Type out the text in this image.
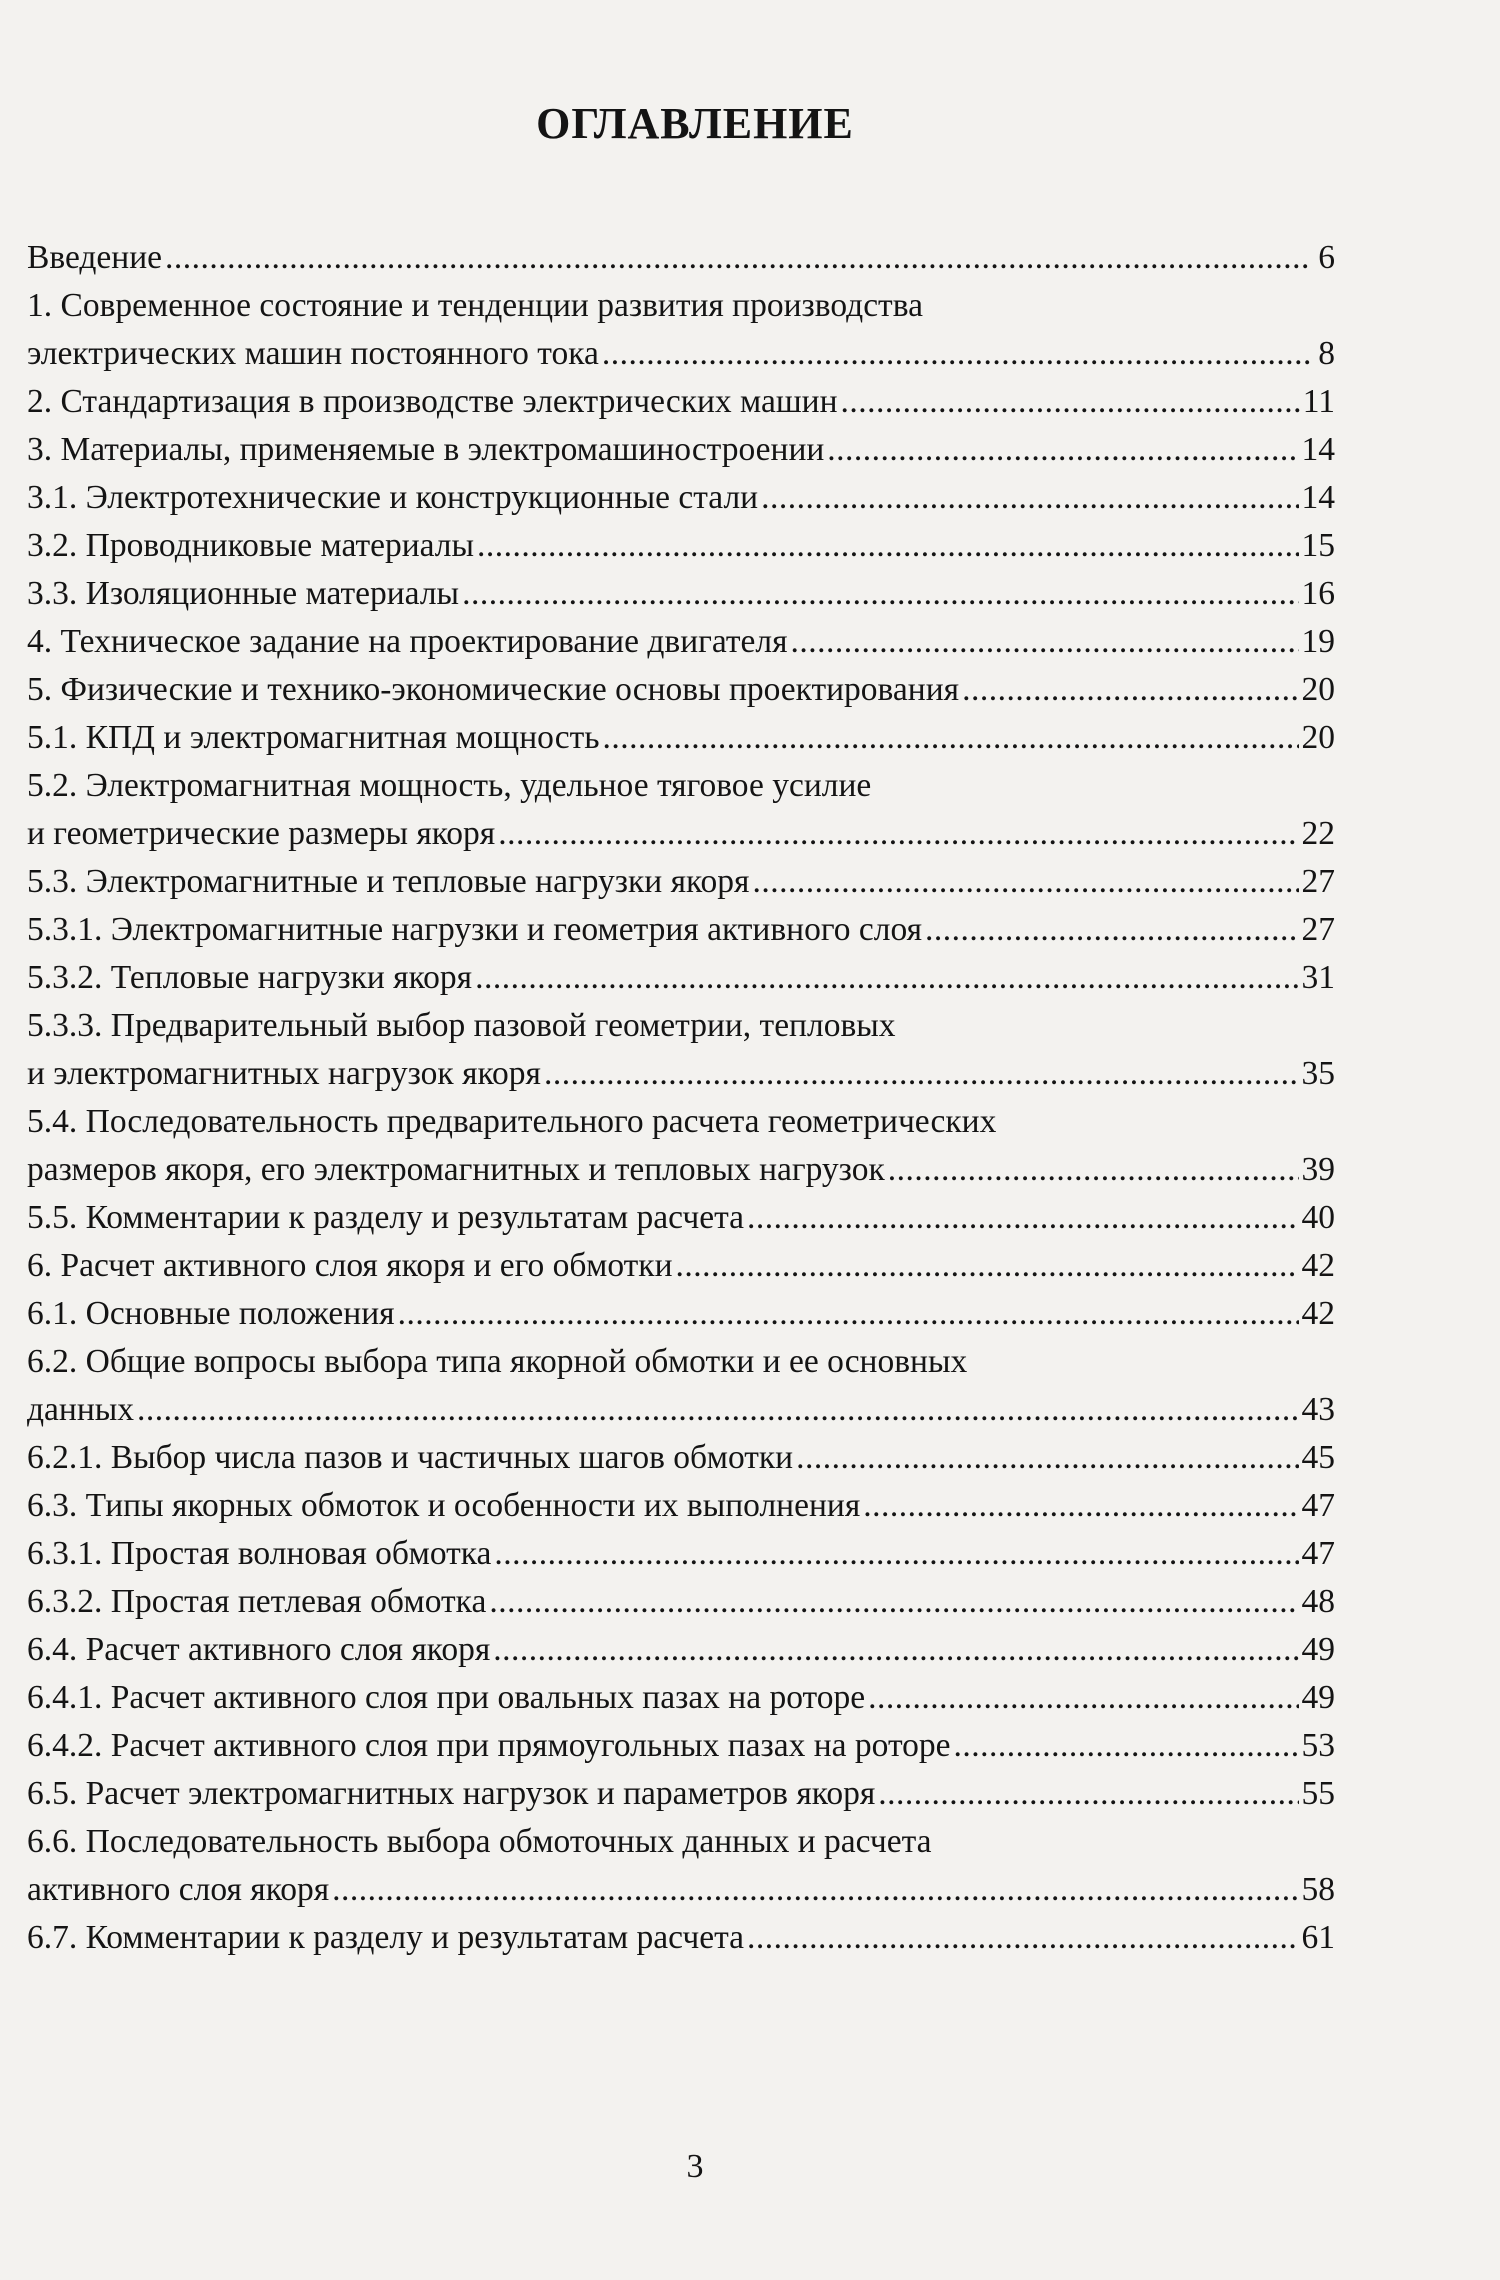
ОГЛАВЛЕНИЕ
Введение .....	6
1. Современное состояние и тенденции развития производства
электрических машин постоянного тока .....	8
2. Стандартизация в производстве электрических машин .....	11
3. Материалы, применяемые в электромашиностроении .....	14
3.1. Электротехнические и конструкционные стали .....	14
3.2. Проводниковые материалы .....	15
3.3. Изоляционные материалы .....	16
4. Техническое задание на проектирование двигателя .....	19
5. Физические и технико-экономические основы проектирования .....	20
5.1. КПД и электромагнитная мощность .....	20
5.2. Электромагнитная мощность, удельное тяговое усилие
и геометрические размеры якоря .....	22
5.3. Электромагнитные и тепловые нагрузки якоря .....	27
5.3.1. Электромагнитные нагрузки и геометрия активного слоя .....	27
5.3.2. Тепловые нагрузки якоря .....	31
5.3.3. Предварительный выбор пазовой геометрии, тепловых
и электромагнитных нагрузок якоря .....	35
5.4. Последовательность предварительного расчета геометрических
размеров якоря, его электромагнитных и тепловых нагрузок .....	39
5.5. Комментарии к разделу и результатам расчета .....	40
6. Расчет активного слоя якоря и его обмотки .....	42
6.1. Основные положения .....	42
6.2. Общие вопросы выбора типа якорной обмотки и ее основных
данных .....	43
6.2.1. Выбор числа пазов и частичных шагов обмотки .....	45
6.3. Типы якорных обмоток и особенности их выполнения .....	47
6.3.1. Простая волновая обмотка .....	47
6.3.2. Простая петлевая обмотка .....	48
6.4. Расчет активного слоя якоря .....	49
6.4.1. Расчет активного слоя при овальных пазах на роторе .....	49
6.4.2. Расчет активного слоя при прямоугольных пазах на роторе .....	53
6.5. Расчет электромагнитных нагрузок и параметров якоря .....	55
6.6. Последовательность выбора обмоточных данных и расчета
активного слоя якоря .....	58
6.7. Комментарии к разделу и результатам расчета .....	61
3
